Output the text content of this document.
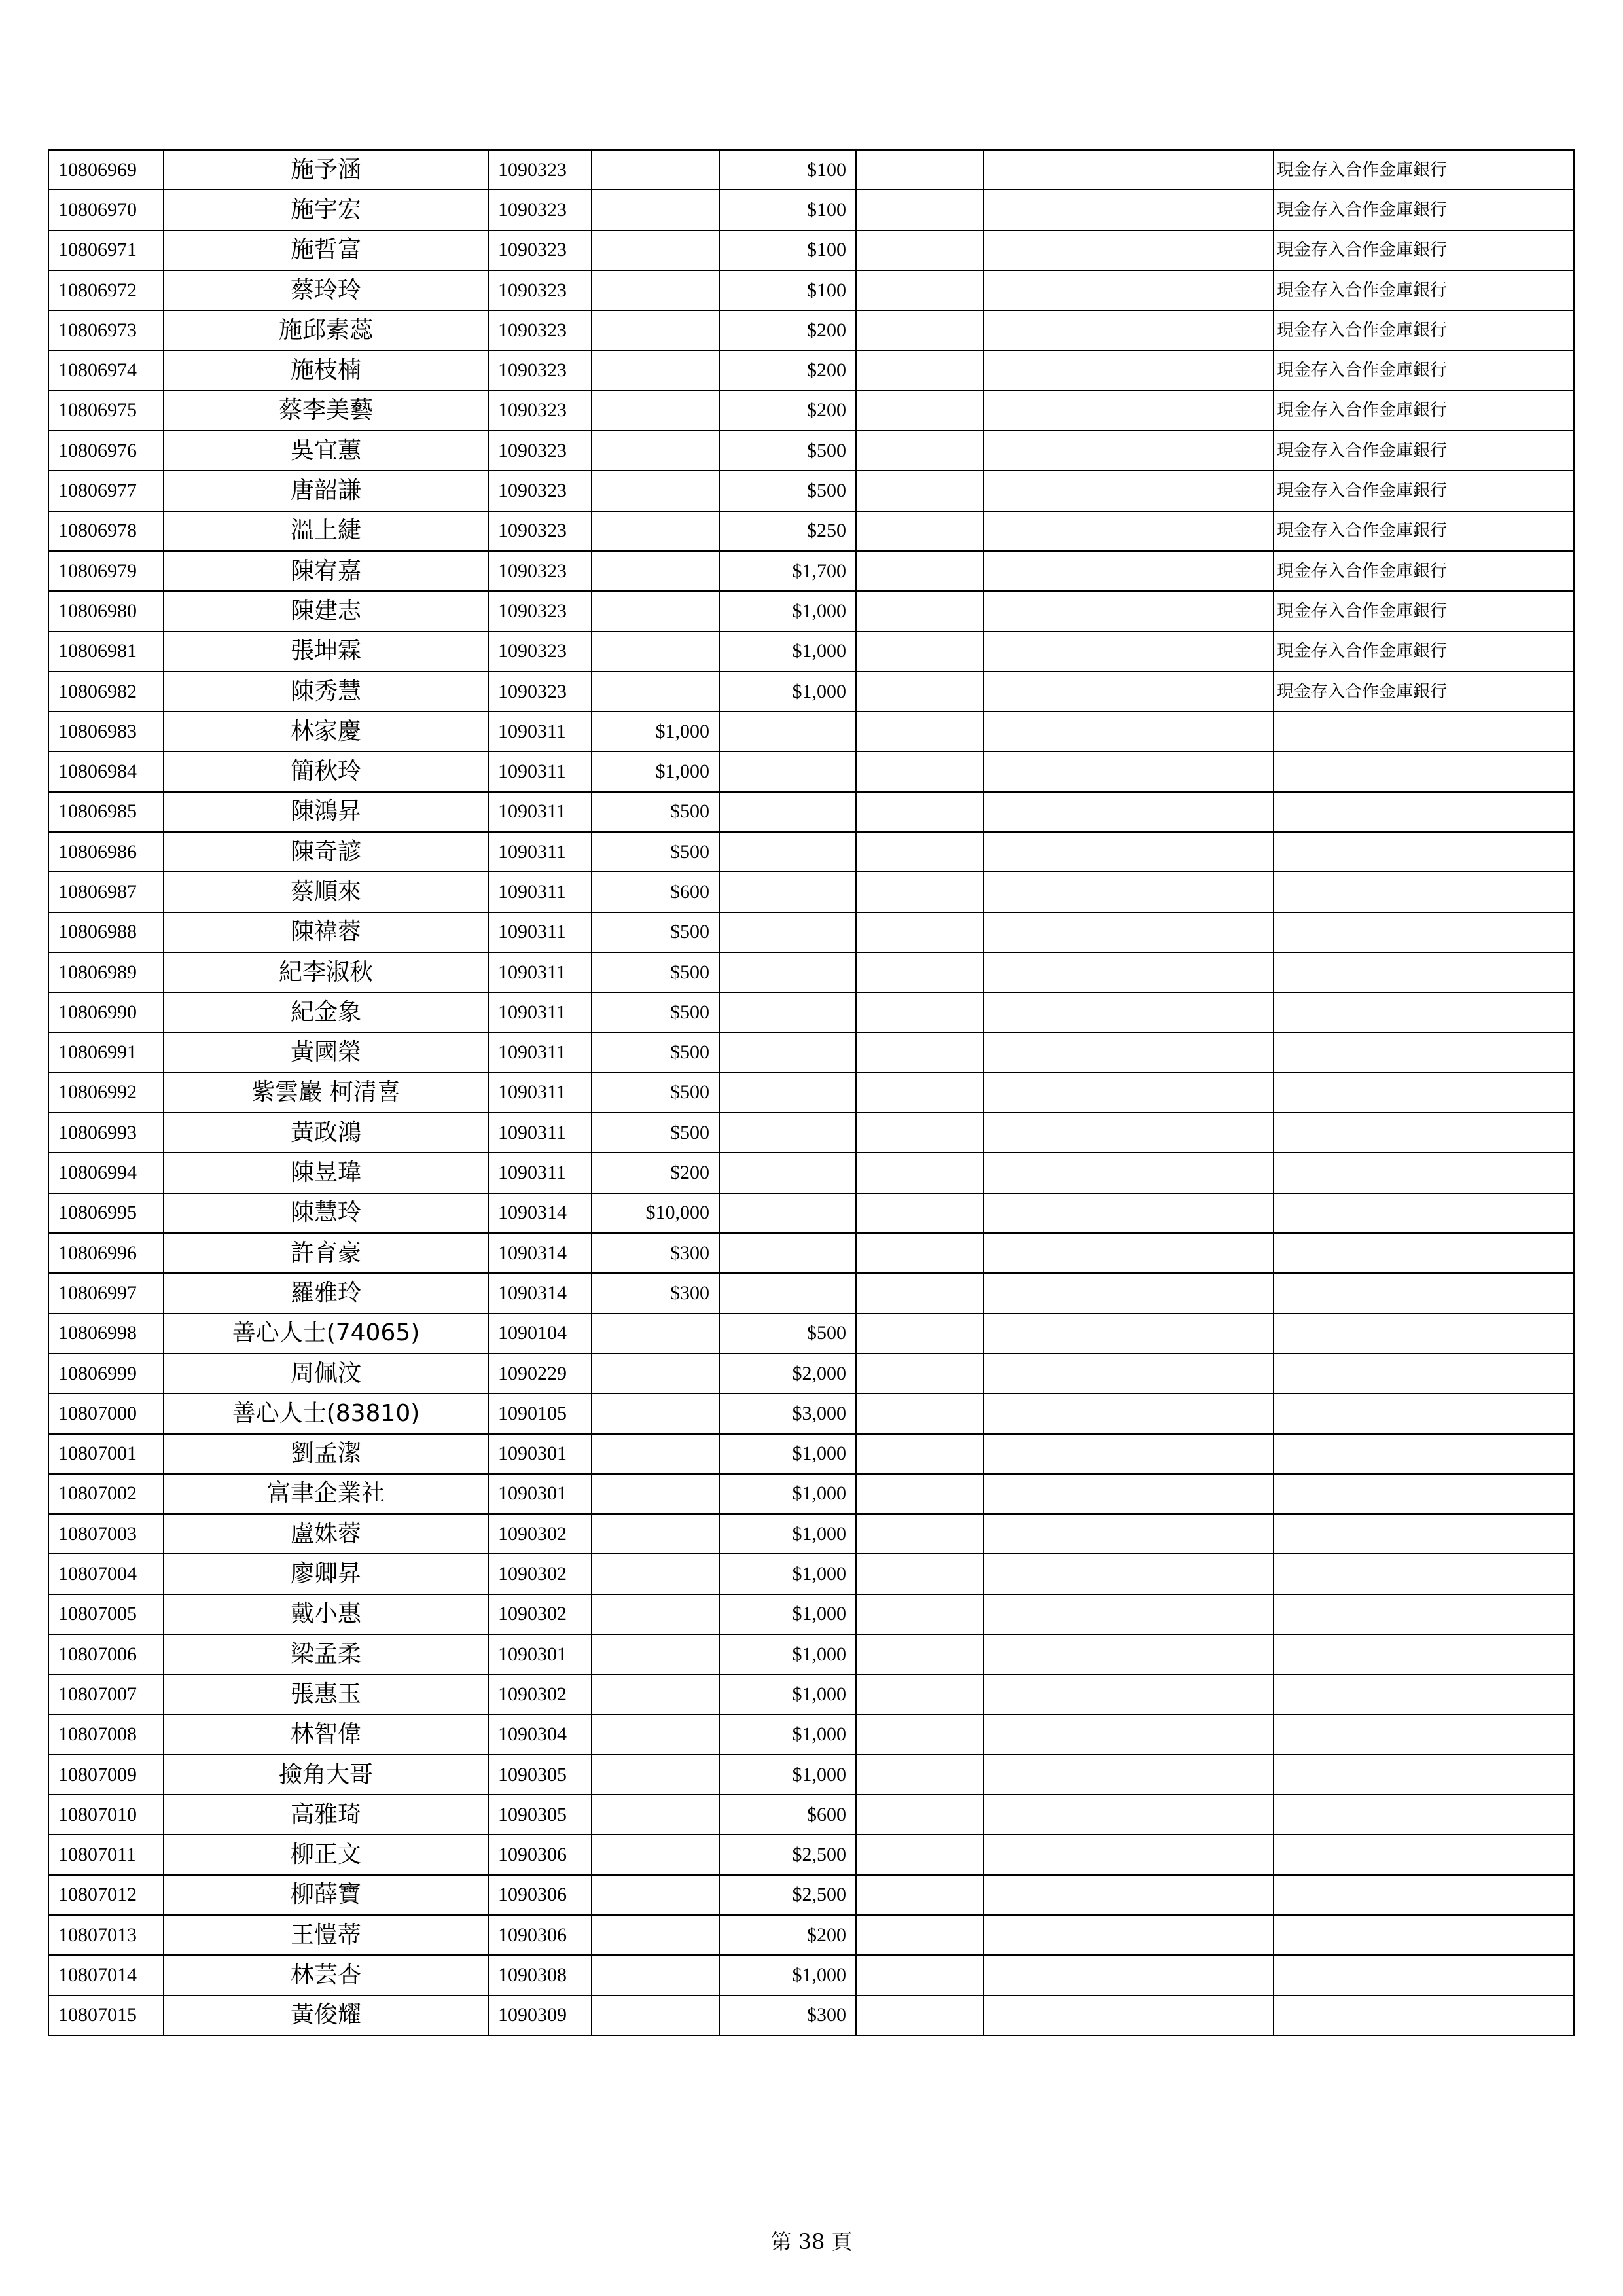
10806969	施予涵	1090323		$100			現金存入合作金庫銀行
10806970	施宇宏	1090323		$100			現金存入合作金庫銀行
10806971	施哲富	1090323		$100			現金存入合作金庫銀行
10806972	蔡玲玲	1090323		$100			現金存入合作金庫銀行
10806973	施邱素蕊	1090323		$200			現金存入合作金庫銀行
10806974	施枝楠	1090323		$200			現金存入合作金庫銀行
10806975	蔡李美藝	1090323		$200			現金存入合作金庫銀行
10806976	吳宜蕙	1090323		$500			現金存入合作金庫銀行
10806977	唐韶謙	1090323		$500			現金存入合作金庫銀行
10806978	溫上緁	1090323		$250			現金存入合作金庫銀行
10806979	陳宥嘉	1090323		$1,700			現金存入合作金庫銀行
10806980	陳建志	1090323		$1,000			現金存入合作金庫銀行
10806981	張坤霖	1090323		$1,000			現金存入合作金庫銀行
10806982	陳秀慧	1090323		$1,000			現金存入合作金庫銀行
10806983	林家慶	1090311	$1,000				
10806984	簡秋玲	1090311	$1,000				
10806985	陳鴻昇	1090311	$500				
10806986	陳奇諺	1090311	$500				
10806987	蔡順來	1090311	$600				
10806988	陳禕蓉	1090311	$500				
10806989	紀李淑秋	1090311	$500				
10806990	紀金象	1090311	$500				
10806991	黃國榮	1090311	$500				
10806992	紫雲巖 柯清喜	1090311	$500				
10806993	黃政鴻	1090311	$500				
10806994	陳昱瑋	1090311	$200				
10806995	陳慧玲	1090314	$10,000				
10806996	許育豪	1090314	$300				
10806997	羅雅玲	1090314	$300				
10806998	善心人士(74065)	1090104		$500			
10806999	周佩汶	1090229		$2,000			
10807000	善心人士(83810)	1090105		$3,000			
10807001	劉孟潔	1090301		$1,000			
10807002	富聿企業社	1090301		$1,000			
10807003	盧姝蓉	1090302		$1,000			
10807004	廖卿昇	1090302		$1,000			
10807005	戴小惠	1090302		$1,000			
10807006	梁孟柔	1090301		$1,000			
10807007	張惠玉	1090302		$1,000			
10807008	林智偉	1090304		$1,000			
10807009	撿角大哥	1090305		$1,000			
10807010	高雅琦	1090305		$600			
10807011	柳正文	1090306		$2,500			
10807012	柳薛寶	1090306		$2,500			
10807013	王愷蒂	1090306		$200			
10807014	林芸杏	1090308		$1,000			
10807015	黃俊耀	1090309		$300			
第 38 頁
